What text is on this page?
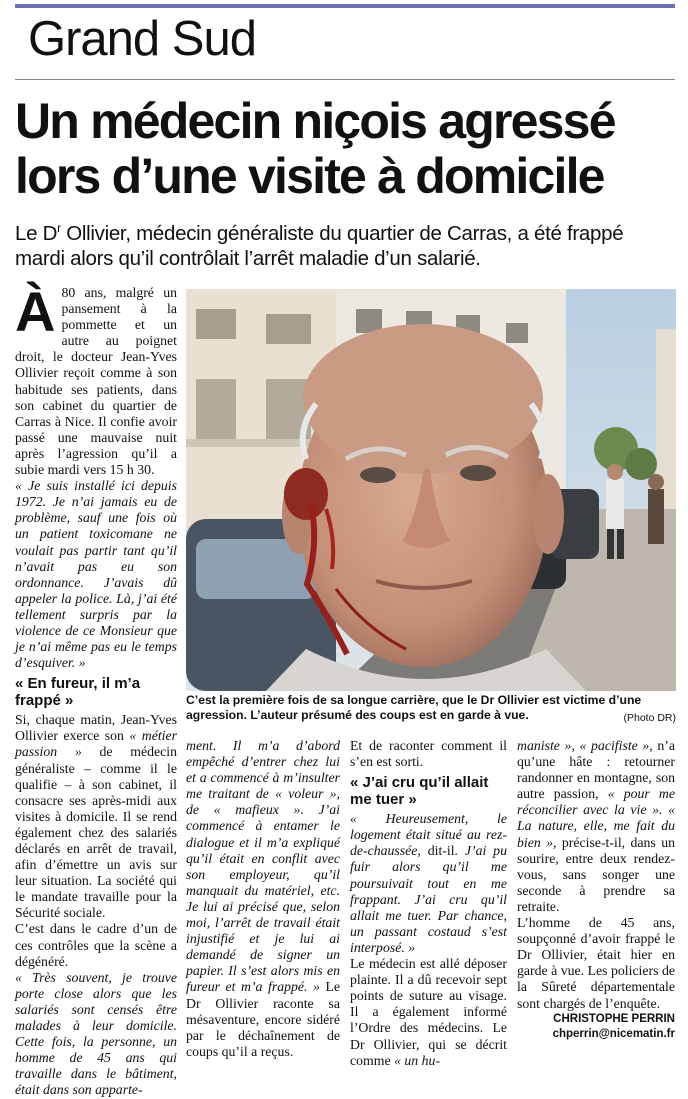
Grand Sud
Un médecin niçois agressé
lors d’une visite à domicile
Le $D^r$ Ollivier, médecin généraliste du quartier de Carras, a été frappé mardi alors qu’il contrôlait l’arrêt maladie d’un salarié.

À 80 ans, malgré un pansement à la pommette et un autre au poignet droit, le docteur Jean-Yves Ollivier reçoit comme à son habitude ses patients, dans son cabinet du quartier de Carras à Nice. Il confie avoir passé une mauvaise nuit après l’agression qu’il a subie mardi vers 15 h 30.

« Je suis installé ici depuis 1972. Je n’ai jamais eu de problème, sauf une fois où un patient toxicomane ne voulait pas partir tant qu’il n’avait pas eu son ordonnance. J’avais dû appeler la police. Là, j’ai été tellement surpris par la violence de ce Monsieur que je n’ai même pas eu le temps d’esquiver. »

« En fureur, il m’a frappé »

Si, chaque matin, Jean-Yves Ollivier exerce son « métier passion » de médecin généraliste – comme il le qualifie – à son cabinet, il consacre ses après-midi aux visites à domicile. Il se rend également chez des salariés déclarés en arrêt de travail, afin d’émettre un avis sur leur situation. La société qui le mandate travaille pour la Sécurité sociale.

C’est dans le cadre d’un de ces contrôles que la scène a dégénéré.

« Très souvent, je trouve porte close alors que les salariés sont censés être malades à leur domicile. Cette fois, la personne, un homme de 45 ans qui travaille dans le bâtiment, était dans son apparte-

C’est la première fois de sa longue carrière, que le Dr Ollivier est victime d’une agression. L’auteur présumé des coups est en garde à vue.	(Photo DR)

ment. Il m’a d’abord empêché d’entrer chez lui et a commencé à m’insulter me traitant de « voleur », de « mafieux ». J’ai commencé à entamer le dialogue et il m’a expliqué qu’il était en conflit avec son employeur, qu’il manquait du matériel, etc. Je lui ai précisé que, selon moi, l’arrêt de travail était injustifié et je lui ai demandé de signer un papier. Il s’est alors mis en fureur et m’a frappé. » Le Dr Ollivier raconte sa mésaventure, encore sidéré par le déchaînement de coups qu’il a reçus.

Et de raconter comment il s’en est sorti.

« J’ai cru qu’il allait me tuer »

« Heureusement, le logement était situé au rez-de-chaussée, dit-il. J’ai pu fuir alors qu’il me poursuivait tout en me frappant. J’ai cru qu’il allait me tuer. Par chance, un passant costaud s’est interposé. »

Le médecin est allé déposer plainte. Il a dû recevoir sept points de suture au visage. Il a également informé l’Ordre des médecins. Le Dr Ollivier, qui se décrit comme « un hu-

maniste », « pacifiste », n’a qu’une hâte : retourner randonner en montagne, son autre passion, « pour me réconcilier avec la vie ». « La nature, elle, me fait du bien », précise-t-il, dans un sourire, entre deux rendez-vous, sans songer une seconde à prendre sa retraite.

L’homme de 45 ans, soupçonné d’avoir frappé le Dr Ollivier, était hier en garde à vue. Les policiers de la Sûreté départementale sont chargés de l’enquête.

CHRISTOPHE PERRIN
chperrin@nicematin.fr
